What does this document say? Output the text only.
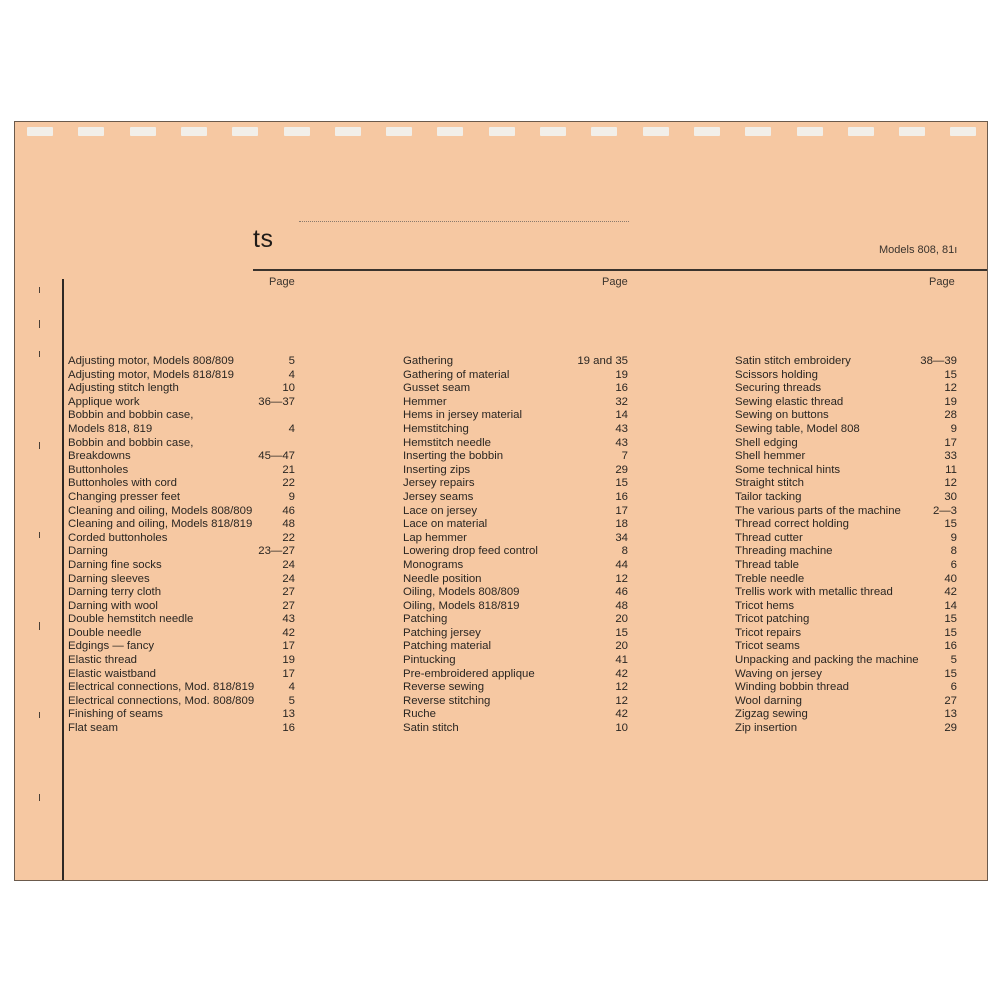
ts	Models 808, 81ı
Page	Page	Page
Adjusting motor, Models 808/809	5
Adjusting motor, Models 818/819	4
Adjusting stitch length	10
Applique work	36—37
Bobbin and bobbin case,
Models 818, 819	4
Bobbin and bobbin case,
Breakdowns	45—47
Buttonholes	21
Buttonholes with cord	22
Changing presser feet	9
Cleaning and oiling, Models 808/809	46
Cleaning and oiling, Models 818/819	48
Corded buttonholes	22
Darning	23—27
Darning fine socks	24
Darning sleeves	24
Darning terry cloth	27
Darning with wool	27
Double hemstitch needle	43
Double needle	42
Edgings — fancy	17
Elastic thread	19
Elastic waistband	17
Electrical connections, Mod. 818/819	4
Electrical connections, Mod. 808/809	5
Finishing of seams	13
Flat seam	16
Gathering	19 and 35
Gathering of material	19
Gusset seam	16
Hemmer	32
Hems in jersey material	14
Hemstitching	43
Hemstitch needle	43
Inserting the bobbin	7
Inserting zips	29
Jersey repairs	15
Jersey seams	16
Lace on jersey	17
Lace on material	18
Lap hemmer	34
Lowering drop feed control	8
Monograms	44
Needle position	12
Oiling, Models 808/809	46
Oiling, Models 818/819	48
Patching	20
Patching jersey	15
Patching material	20
Pintucking	41
Pre-embroidered applique	42
Reverse sewing	12
Reverse stitching	12
Ruche	42
Satin stitch	10
Satin stitch embroidery	38—39
Scissors holding	15
Securing threads	12
Sewing elastic thread	19
Sewing on buttons	28
Sewing table, Model 808	9
Shell edging	17
Shell hemmer	33
Some technical hints	11
Straight stitch	12
Tailor tacking	30
The various parts of the machine	2—3
Thread correct holding	15
Thread cutter	9
Threading machine	8
Thread table	6
Treble needle	40
Trellis work with metallic thread	42
Tricot hems	14
Tricot patching	15
Tricot repairs	15
Tricot seams	16
Unpacking and packing the machine	5
Waving on jersey	15
Winding bobbin thread	6
Wool darning	27
Zigzag sewing	13
Zip insertion	29
